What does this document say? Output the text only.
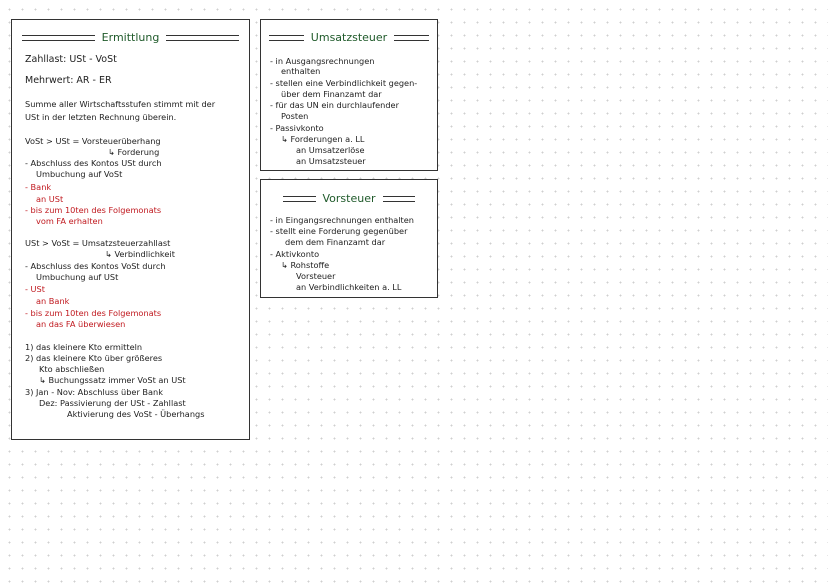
Ermittlung
Zahllast: USt - VoSt
Mehrwert: AR - ER
Summe aller Wirtschaftsstufen stimmt mit der
USt in der letzten Rechnung überein.
VoSt > USt = Vorsteuerüberhang
↳ Forderung
- Abschluss des Kontos USt durch
Umbuchung auf VoSt
- Bank
an USt
- bis zum 10ten des Folgemonats
vom FA erhalten
USt > VoSt = Umsatzsteuerzahllast
↳ Verbindlichkeit
- Abschluss des Kontos VoSt durch
Umbuchung auf USt
- USt
an Bank
- bis zum 10ten des Folgemonats
an das FA überwiesen
1) das kleinere Kto ermitteln
2) das kleinere Kto über größeres
Kto abschließen
↳ Buchungssatz immer VoSt an USt
3) Jan - Nov: Abschluss über Bank
Dez: Passivierung der USt - Zahllast
Aktivierung des VoSt - Überhangs
Umsatzsteuer
- in Ausgangsrechnungen
enthalten
- stellen eine Verbindlichkeit gegen-
über dem Finanzamt dar
- für das UN ein durchlaufender
Posten
- Passivkonto
↳ Forderungen a. LL
an Umsatzerlöse
an Umsatzsteuer
Vorsteuer
- in Eingangsrechnungen enthalten
- stellt eine Forderung gegenüber
dem dem Finanzamt dar
- Aktivkonto
↳ Rohstoffe
Vorsteuer
an Verbindlichkeiten a. LL
